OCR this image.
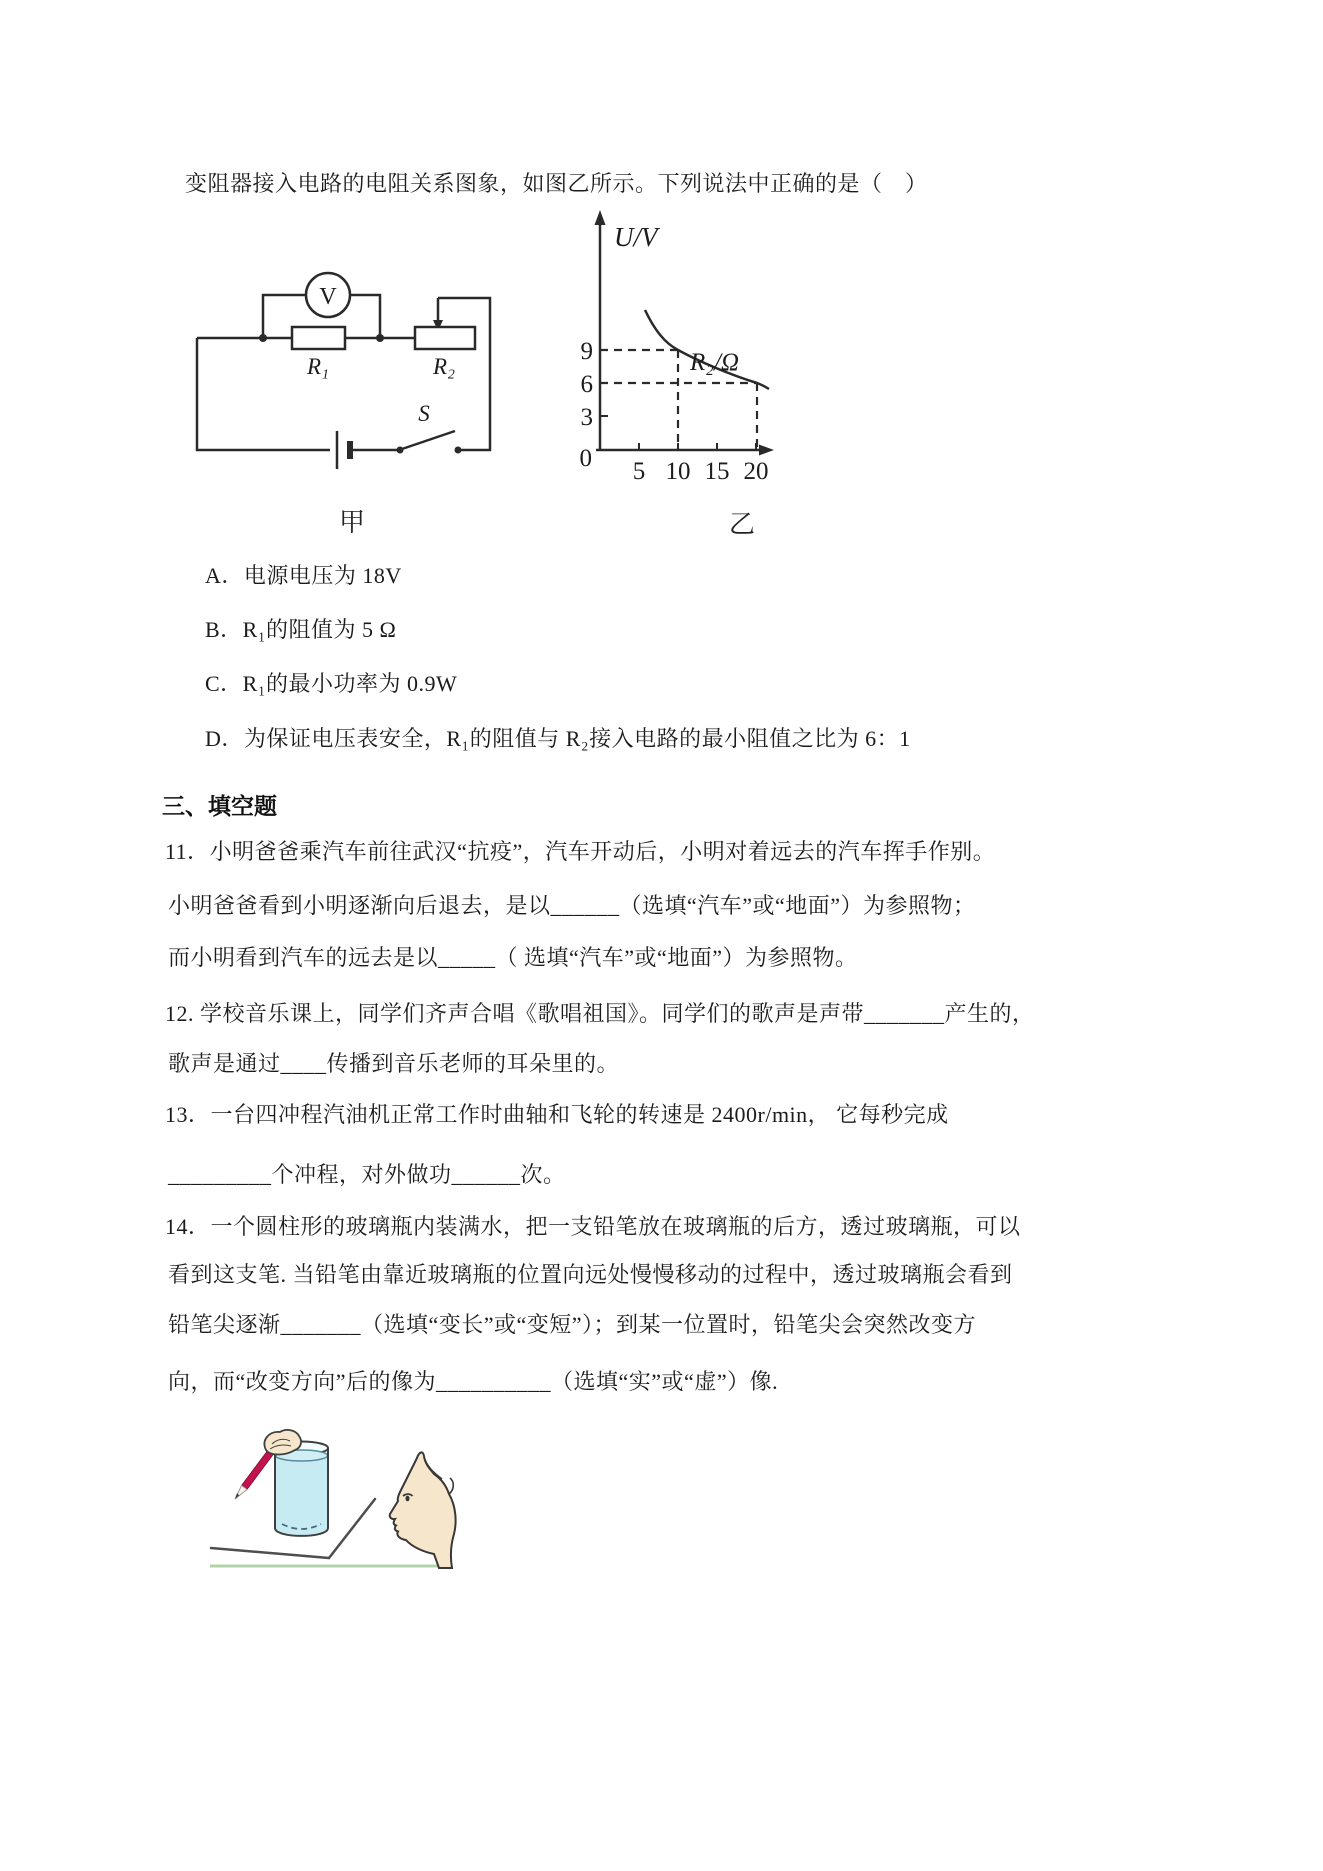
变阻器接入电路的电阻关系图象，如图乙所示。下列说法中正确的是（　）
S
V
R₁	R₂
甲
U/V
R₂/Ω
9
6
3
0 5 10 15 20
乙
A．电源电压为 18V
B．R₁的阻值为 5 Ω
C．R₁的最小功率为 0.9W
D．为保证电压表安全，R₁的阻值与 R₂接入电路的最小阻值之比为 6：1
三、填空题
11．小明爸爸乘汽车前往武汉“抗疫”，汽车开动后，小明对着远去的汽车挥手作别。
小明爸爸看到小明逐渐向后退去，是以______（选填“汽车”或“地面”）为参照物；
而小明看到汽车的远去是以_____（ 选填“汽车”或“地面”）为参照物。
12. 学校音乐课上，同学们齐声合唱《歌唱祖国》。同学们的歌声是声带_______产生的，
歌声是通过____传播到音乐老师的耳朵里的。
13．一台四冲程汽油机正常工作时曲轴和飞轮的转速是 2400r/min， 它每秒完成
_________个冲程，对外做功______次。
14．一个圆柱形的玻璃瓶内装满水，把一支铅笔放在玻璃瓶的后方，透过玻璃瓶，可以
看到这支笔. 当铅笔由靠近玻璃瓶的位置向远处慢慢移动的过程中，透过玻璃瓶会看到
铅笔尖逐渐_______（选填“变长”或“变短”）；到某一位置时，铅笔尖会突然改变方
向，而“改变方向”后的像为__________（选填“实”或“虚”）像.
